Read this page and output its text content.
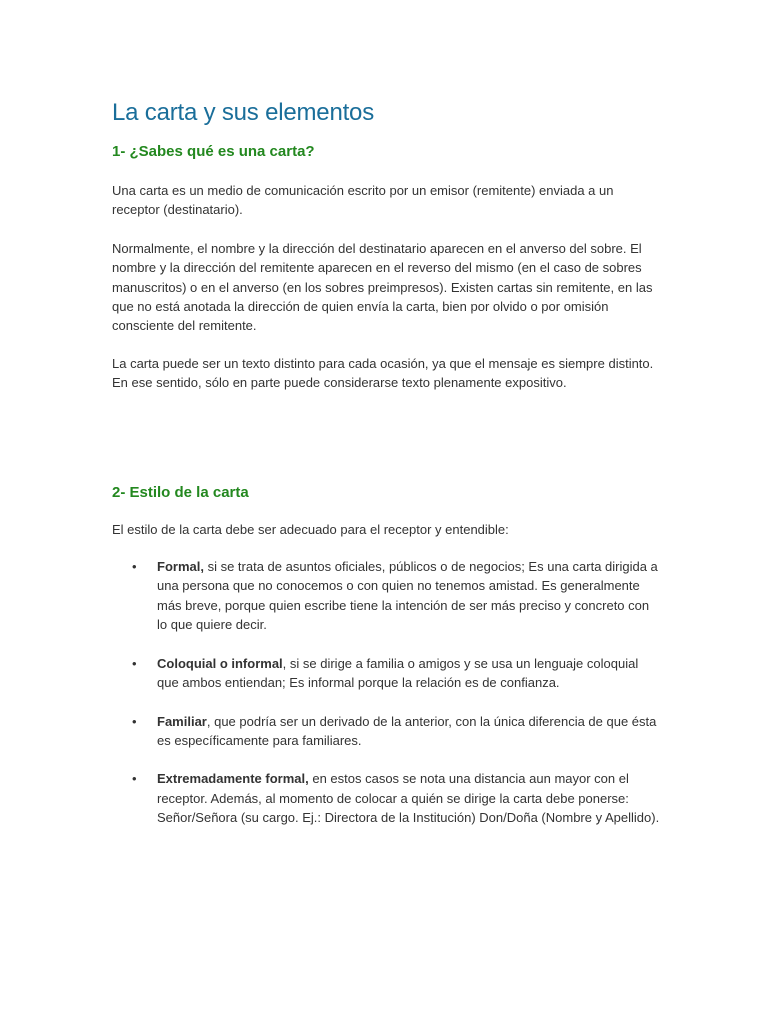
La carta y sus elementos
1- ¿Sabes qué es una carta?

Una carta es un medio de comunicación escrito por un emisor (remitente) enviada a un receptor (destinatario).

Normalmente, el nombre y la dirección del destinatario aparecen en el anverso del sobre. El nombre y la dirección del remitente aparecen en el reverso del mismo (en el caso de sobres manuscritos) o en el anverso (en los sobres preimpresos). Existen cartas sin remitente, en las que no está anotada la dirección de quien envía la carta, bien por olvido o por omisión consciente del remitente.

La carta puede ser un texto distinto para cada ocasión, ya que el mensaje es siempre distinto. En ese sentido, sólo en parte puede considerarse texto plenamente expositivo.

2- Estilo de la carta

El estilo de la carta debe ser adecuado para el receptor y entendible:

• Formal, si se trata de asuntos oficiales, públicos o de negocios; Es una carta dirigida a una persona que no conocemos o con quien no tenemos amistad. Es generalmente más breve, porque quien escribe tiene la intención de ser más preciso y concreto con lo que quiere decir.
• Coloquial o informal, si se dirige a familia o amigos y se usa un lenguaje coloquial que ambos entiendan; Es informal porque la relación es de confianza.
• Familiar, que podría ser un derivado de la anterior, con la única diferencia de que ésta es específicamente para familiares.
• Extremadamente formal, en estos casos se nota una distancia aun mayor con el receptor. Además, al momento de colocar a quién se dirige la carta debe ponerse: Señor/Señora (su cargo. Ej.: Directora de la Institución) Don/Doña (Nombre y Apellido).
